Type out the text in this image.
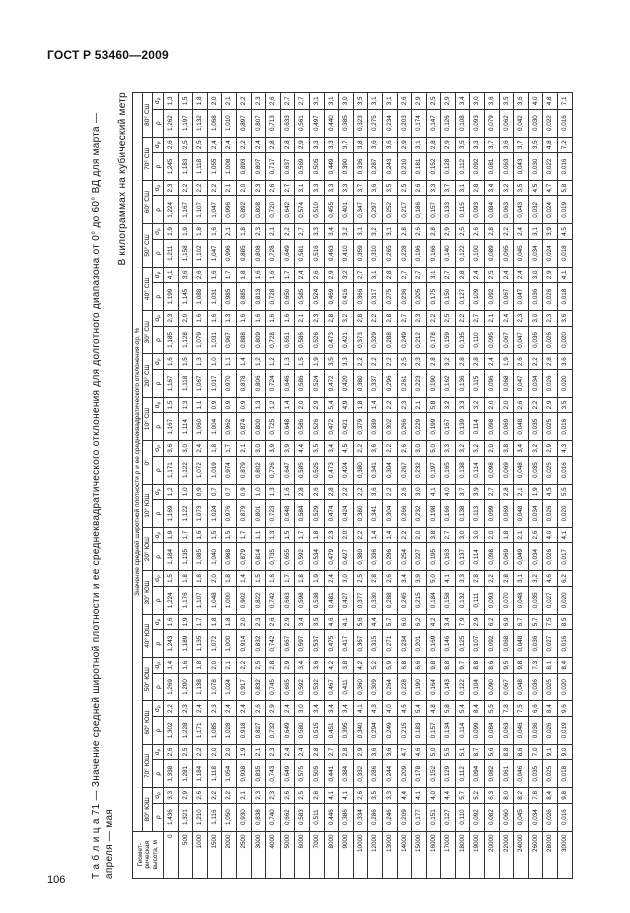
ГОСТ Р 53460—2009
Т а б л и ц а 71 — Значение средней широтной плотности и ее среднеквадратического отклонения для долготного диапазона от 0° до 60° ВД для марта — апреля — мая
В килограммах на кубический метр
Геомет-рическая высота, м	Значение средней широтной плотности ρ и ее среднеквадратического отклонения σρ, %																																	
	80° ЮШ		70° ЮШ		60° ЮШ		50° ЮШ		40° ЮШ		30° ЮШ		20° ЮШ		10° ЮШ		0°		10° СШ		20° СШ		30° СШ		40° СШ		50° СШ		60° СШ		70° СШ		80° СШ	
	ρ	$\sigma_\rho$	ρ	$\sigma_\rho$	ρ	$\sigma_\rho$	ρ	$\sigma_\rho$	ρ	$\sigma_\rho$	ρ	$\sigma_\rho$	ρ	$\sigma_\rho$	ρ	$\sigma_\rho$	ρ	$\sigma_\rho$	ρ	$\sigma_\rho$	ρ	$\sigma_\rho$	ρ	$\sigma_\rho$	ρ	$\sigma_\rho$	ρ	$\sigma_\rho$	ρ	$\sigma_\rho$	ρ	$\sigma_\rho$	ρ	$\sigma_\rho$
0	1,436	3,3	1,338	2,6	1,302	2,2	1,269	1,4	1,243	1,6	1,224	1,5	1,184	1,9	1,169	1,2	1,171	3,6	1,167	1,5	1,167	1,6	1,185	2,3	1,199	4,1	1,211	1,9	1,224	2,3	1,245	2,6	1,262	1,3
500	1,321	2,9	1,281	2,5	1,228	2,3	1,200	1,6	1,189	1,9	1,176	1,8	1,135	1,7	1,122	1,0	1,122	3,0	1,114	1,3	1,118	1,5	1,128	2,0	1,145	3,6	1,158	1,9	1,167	2,2	1,183	2,5	1,197	1,5
1000	1,210	2,6	1,184	2,2	1,171	2,4	1,138	1,8	1,135	1,7	1,107	1,8	1,085	1,6	1,073	0,9	1,072	2,4	1,060	1,1	1,067	1,3	1,079	1,6	1,088	2,6	1,102	1,8	1,107	2,2	1,118	2,5	1,132	1,8
1500	1,116	2,2	1,118	2,0	1,085	2,3	1,078	2,0	1,072	1,8	1,048	2,0	1,040	1,5	1,024	0,7	1,019	1,8	1,004	0,9	1,017	1,0	1,031	1,6	1,031	1,6	1,047	1,6	1,047	2,2	1,055	2,4	1,068	2,0
2000	1,050	2,2	1,054	2,0	1,028	2,4	1,024	2,1	1,000	1,8	1,000	1,8	0,988	1,5	0,976	0,7	0,974	1,7	0,962	0,9	0,970	1,1	0,967	1,3	0,985	1,7	0,996	2,1	0,996	2,1	1,008	2,4	1,010	2,1
2500	0,930	2,1	0,938	1,9	0,918	2,4	0,917	2,2	0,914	2,0	0,902	1,4	0,879	1,7	0,879	0,9	0,879	2,1	0,874	0,9	0,878	1,4	0,888	1,6	0,885	1,8	0,885	1,8	0,892	2,0	0,893	2,2	0,897	2,2
3000	0,838	2,3	0,835	2,1	0,827	2,6	0,832	2,5	0,832	2,3	0,822	1,5	0,814	1,1	0,801	1,0	0,802	3,0	0,800	1,3	0,806	1,2	0,809	1,6	0,813	1,6	0,808	2,3	0,808	2,3	0,807	2,4	0,807	2,3
4000	0,740	2,3	0,743	2,3	0,732	2,9	0,745	2,8	0,742	2,6	0,742	1,6	0,735	1,3	0,723	1,3	0,726	3,9	0,725	1,2	0,724	1,2	0,728	1,6	0,728	1,6	0,728	2,1	0,720	2,6	0,717	2,8	0,713	2,6
5000	0,662	2,6	0,649	2,4	0,649	2,4	0,665	2,9	0,667	2,9	0,663	1,7	0,655	1,5	0,648	1,6	0,647	3,9	0,648	1,4	0,646	1,3	0,651	1,6	0,650	1,7	0,649	2,2	0,642	2,7	0,637	2,8	0,633	2,7
6000	0,583	2,5	0,575	2,4	0,580	3,0	0,592	3,4	0,597	3,4	0,598	1,8	0,592	1,7	0,584	2,8	0,585	4,4	0,586	2,0	0,586	1,5	0,586	2,1	0,585	2,4	0,581	2,7	0,574	3,1	0,569	2,9	0,561	2,7
7000	0,511	2,8	0,505	2,8	0,515	3,4	0,532	3,6	0,537	3,5	0,538	1,9	0,534	1,8	0,529	2,6	0,525	3,5	0,526	2,9	0,524	1,9	0,526	2,3	0,524	2,6	0,516	3,3	0,510	3,3	0,505	3,3	0,497	3,1
8000	0,446	4,1	0,441	2,7	0,451	3,4	0,467	4,2	0,475	4,6	0,481	2,4	0,479	2,3	0,474	2,8	0,473	3,4	0,472	5,4	0,472	3,5	0,473	2,8	0,469	2,9	0,463	3,4	0,455	3,3	0,449	3,3	0,440	3,1
9000	0,386	4,1	0,384	2,8	0,395	3,4	0,411	3,8	0,417	4,1	0,427	3,0	0,427	2,0	0,424	2,2	0,424	4,5	0,421	4,9	0,420	3,3	0,421	3,2	0,416	3,2	0,410	3,2	0,401	3,3	0,390	3,7	0,385	3,0
10000	0,334	2,6	0,332	2,9	0,340	4,1	0,360	4,2	0,367	5,6	0,377	2,5	0,380	2,2	0,380	2,2	0,380	2,2	0,379	1,8	0,380	2,2	0,373	2,8	0,366	2,7	0,359	3,1	0,347	3,7	0,336	3,8	0,323	3,5
12000	0,286	3,5	0,286	3,6	0,294	4,3	0,309	5,2	0,315	4,4	0,330	2,8	0,336	1,4	0,341	3,6	0,341	3,6	0,339	1,4	0,337	2,2	0,329	2,2	0,317	3,1	0,310	3,2	0,297	3,6	0,287	3,6	0,275	3,1
13000	0,246	3,3	0,244	3,6	0,249	4,0	0,264	5,9	0,271	5,7	0,288	2,6	0,296	1,4	0,304	2,2	0,304	2,2	0,302	2,2	0,296	2,2	0,288	2,8	0,275	2,8	0,265	3,1	0,252	3,5	0,243	3,6	0,234	3,1
14000	0,209	4,4	0,209	4,7	0,215	4,5	0,228	6,8	0,234	6,0	0,245	3,4	0,254	2,2	0,266	2,6	0,267	2,6	0,266	2,3	0,261	2,5	0,249	2,7	0,236	2,7	0,228	2,8	0,217	2,5	0,210	2,9	0,203	2,6
15000	0,177	4,1	0,178	4,6	0,183	5,4	0,190	6,6	0,201	6,2	0,215	3,9	0,227	2,0	0,232	3,0	0,232	3,0	0,229	2,1	0,223	2,3	0,212	2,3	0,205	2,7	0,196	2,6	0,186	2,6	0,181	3,1	0,174	2,9
16000	0,151	4,0	0,152	5,0	0,157	4,8	0,164	9,8	0,169	4,2	0,184	5,0	0,195	3,8	0,198	4,1	0,197	5,0	0,199	5,8	0,190	2,8	0,178	2,2	0,175	3,1	0,166	2,8	0,157	3,3	0,152	2,8	0,147	2,5
17000	0,127	4,4	0,129	5,5	0,134	5,8	0,143	8,8	0,146	3,4	0,158	4,1	0,163	2,7	0,166	4,0	0,165	3,3	0,167	3,2	0,162	3,2	0,159	2,5	0,150	2,7	0,140	2,9	0,133	3,7	0,128	2,9	0,126	2,9
18000	0,110	5,7	0,112	5,1	0,114	5,4	0,122	9,7	0,125	7,9	0,132	3,3	0,137	3,0	0,138	3,7	0,138	3,2	0,139	3,3	0,136	2,8	0,135	2,2	0,127	2,8	0,122	2,5	0,115	3,1	0,112	3,5	0,108	3,4
19000	0,092	5,2	0,094	8,7	0,099	8,4	0,104	8,8	0,107	2,9	0,111	2,8	0,114	3,0	0,113	3,9	0,114	3,2	0,114	3,2	0,115	2,8	0,110	2,7	0,109	2,4	0,100	2,6	0,093	2,8	0,092	3,3	0,093	3,0
20000	0,082	6,3	0,082	5,6	0,084	5,5	0,090	8,6	0,092	6,2	0,093	2,2	0,098	2,0	0,099	2,7	0,098	2,0	0,098	2,0	0,096	2,4	0,095	2,1	0,092	2,5	0,089	2,8	0,084	3,4	0,081	3,7	0,079	3,6
22000	0,060	8,0	0,061	8,8	0,063	7,8	0,067	9,5	0,068	6,9	0,070	2,8	0,069	1,8	0,069	2,8	0,069	3,8	0,069	2,0	0,068	1,9	0,067	2,4	0,067	2,4	0,065	2,2	0,063	3,2	0,063	3,6	0,062	3,5
24000	0,045	8,2	0,046	8,6	0,046	7,5	0,048	9,8	0,048	6,7	0,048	3,1	0,049	2,1	0,048	2,1	0,048	3,4	0,048	2,6	0,047	2,6	0,047	2,3	0,047	2,4	0,045	2,4	0,043	3,5	0,043	3,7	0,042	3,6
26000	0,034	7,8	0,035	7,0	0,036	6,6	0,036	7,3	0,036	5,7	0,035	3,2	0,034	2,6	0,034	1,9	0,035	3,2	0,035	2,2	0,034	2,2	0,036	3,0	0,036	3,0	0,034	3,1	0,032	4,5	0,030	3,5	0,030	4,0
28000	0,026	8,4	0,025	9,1	0,026	8,4	0,025	8,1	0,027	7,5	0,027	4,6	0,026	4,0	0,026	4,5	0,025	2,9	0,025	2,9	0,026	2,8	0,026	2,3	0,026	2,9	0,024	3,9	0,024	4,7	0,022	4,8	0,022	4,8
30000	0,016	9,8	0,018	9,0	0,019	9,6	0,020	8,4	0,016	8,5	0,020	6,2	0,017	4,1	0,020	5,5	0,016	4,3	0,016	3,5	0,020	3,6	0,020	3,6	0,018	4,1	0,018	4,5	0,019	5,8	0,016	7,2	0,016	7,1
106
